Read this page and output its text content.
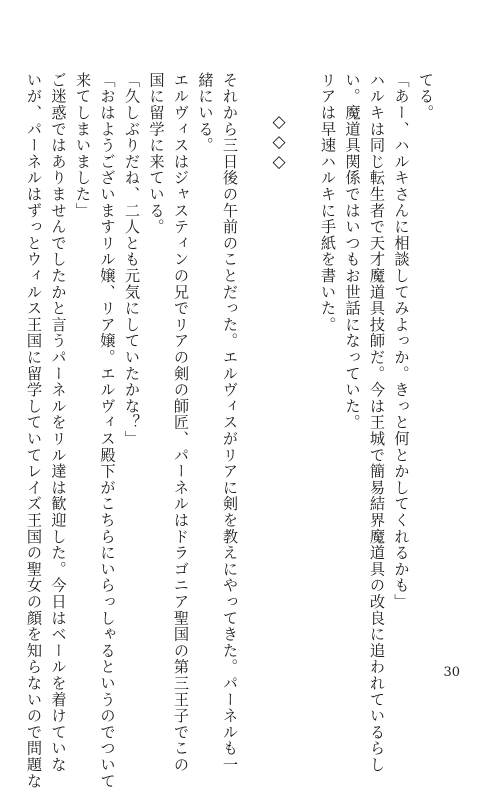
てる。

「あー、ハルキさんに相談してみよっか。きっと何とかしてくれるかも」

ハルキは同じ転生者で天才魔道具技師だ。今は王城で簡易結界魔道具の改良に追われているらし

い。魔道具関係ではいつもお世話になっていた。

リアは早速ハルキに手紙を書いた。

◇◇◇

それから三日後の午前のことだった。エルヴィスがリアに剣を教えにやってきた。パーネルも一

緒にいる。

エルヴィスはジャスティンの兄でリアの剣の師匠、パーネルはドラゴニア聖国の第三王子でこの

国に留学に来ている。

「久しぶりだね、二人とも元気にしていたかな？」

「おはようございますリル嬢、リア嬢。エルヴィス殿下がこちらにいらっしゃるというのでついて

来てしまいました」

ご迷惑ではありませんでしたかと言うパーネルをリル達は歓迎した。今日はベールを着けていな

いが、パーネルはずっとウィルス王国に留学していてレイズ王国の聖女の顔を知らないので問題な	30
